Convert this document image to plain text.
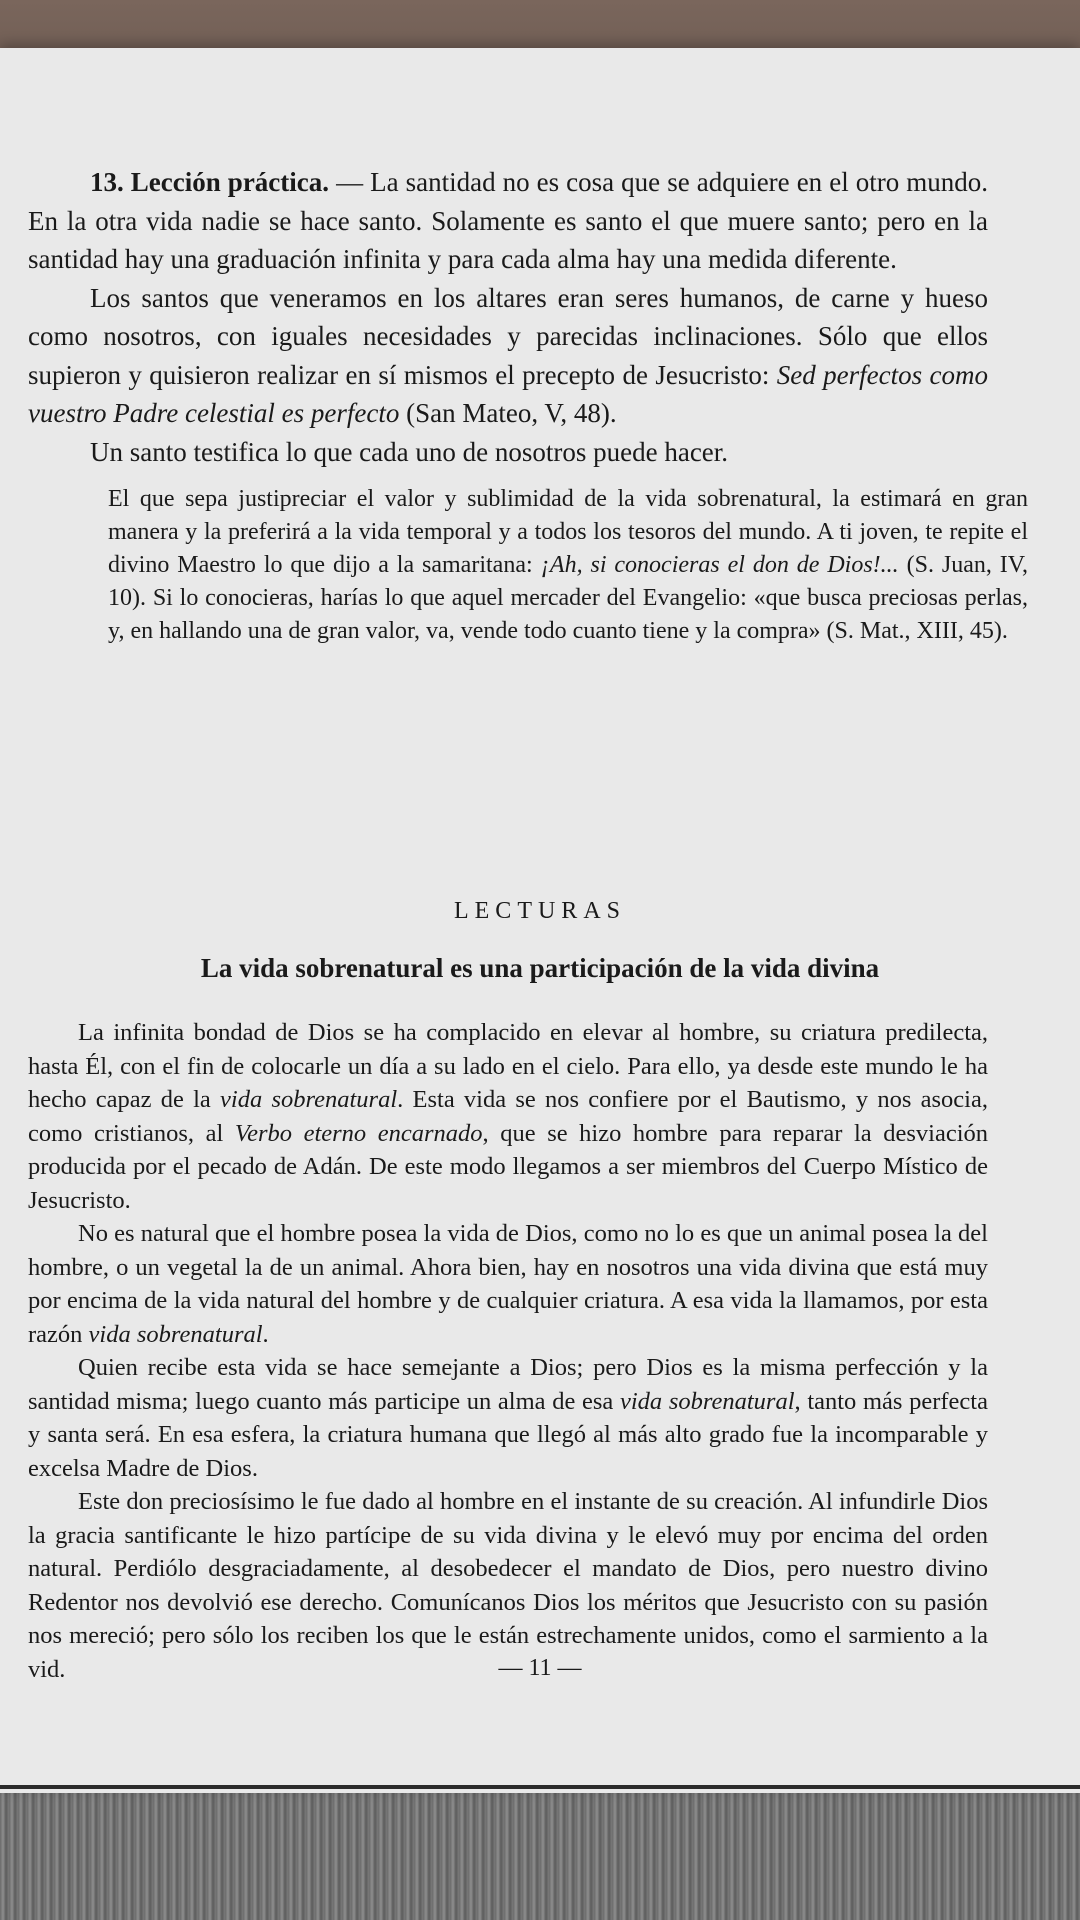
13. Lección práctica. — La santidad no es cosa que se adquiere en el otro mundo. En la otra vida nadie se hace santo. Solamente es santo el que muere santo; pero en la santidad hay una graduación infinita y para cada alma hay una medida diferente.

Los santos que veneramos en los altares eran seres humanos, de carne y hueso como nosotros, con iguales necesidades y parecidas inclinaciones. Sólo que ellos supieron y quisieron realizar en sí mismos el precepto de Jesucristo: Sed perfectos como vuestro Padre celestial es perfecto (San Mateo, V, 48).

Un santo testifica lo que cada uno de nosotros puede hacer.

El que sepa justipreciar el valor y sublimidad de la vida sobrenatural, la estimará en gran manera y la preferirá a la vida temporal y a todos los tesoros del mundo. A ti joven, te repite el divino Maestro lo que dijo a la samaritana: ¡Ah, si conocieras el don de Dios!... (S. Juan, IV, 10). Si lo conocieras, harías lo que aquel mercader del Evangelio: «que busca preciosas perlas, y, en hallando una de gran valor, va, vende todo cuanto tiene y la compra» (S. Mat., XIII, 45).

LECTURAS

La vida sobrenatural es una participación de la vida divina

La infinita bondad de Dios se ha complacido en elevar al hombre, su criatura predilecta, hasta Él, con el fin de colocarle un día a su lado en el cielo. Para ello, ya desde este mundo le ha hecho capaz de la vida sobrenatural. Esta vida se nos confiere por el Bautismo, y nos asocia, como cristianos, al Verbo eterno encarnado, que se hizo hombre para reparar la desviación producida por el pecado de Adán. De este modo llegamos a ser miembros del Cuerpo Místico de Jesucristo.

No es natural que el hombre posea la vida de Dios, como no lo es que un animal posea la del hombre, o un vegetal la de un animal. Ahora bien, hay en nosotros una vida divina que está muy por encima de la vida natural del hombre y de cualquier criatura. A esa vida la llamamos, por esta razón vida sobrenatural.

Quien recibe esta vida se hace semejante a Dios; pero Dios es la misma perfección y la santidad misma; luego cuanto más participe un alma de esa vida sobrenatural, tanto más perfecta y santa será. En esa esfera, la criatura humana que llegó al más alto grado fue la incomparable y excelsa Madre de Dios.

Este don preciosísimo le fue dado al hombre en el instante de su creación. Al infundirle Dios la gracia santificante le hizo partícipe de su vida divina y le elevó muy por encima del orden natural. Perdiólo desgraciadamente, al desobedecer el mandato de Dios, pero nuestro divino Redentor nos devolvió ese derecho. Comunícanos Dios los méritos que Jesucristo con su pasión nos mereció; pero sólo los reciben los que le están estrechamente unidos, como el sarmiento a la vid.	— 11 —
